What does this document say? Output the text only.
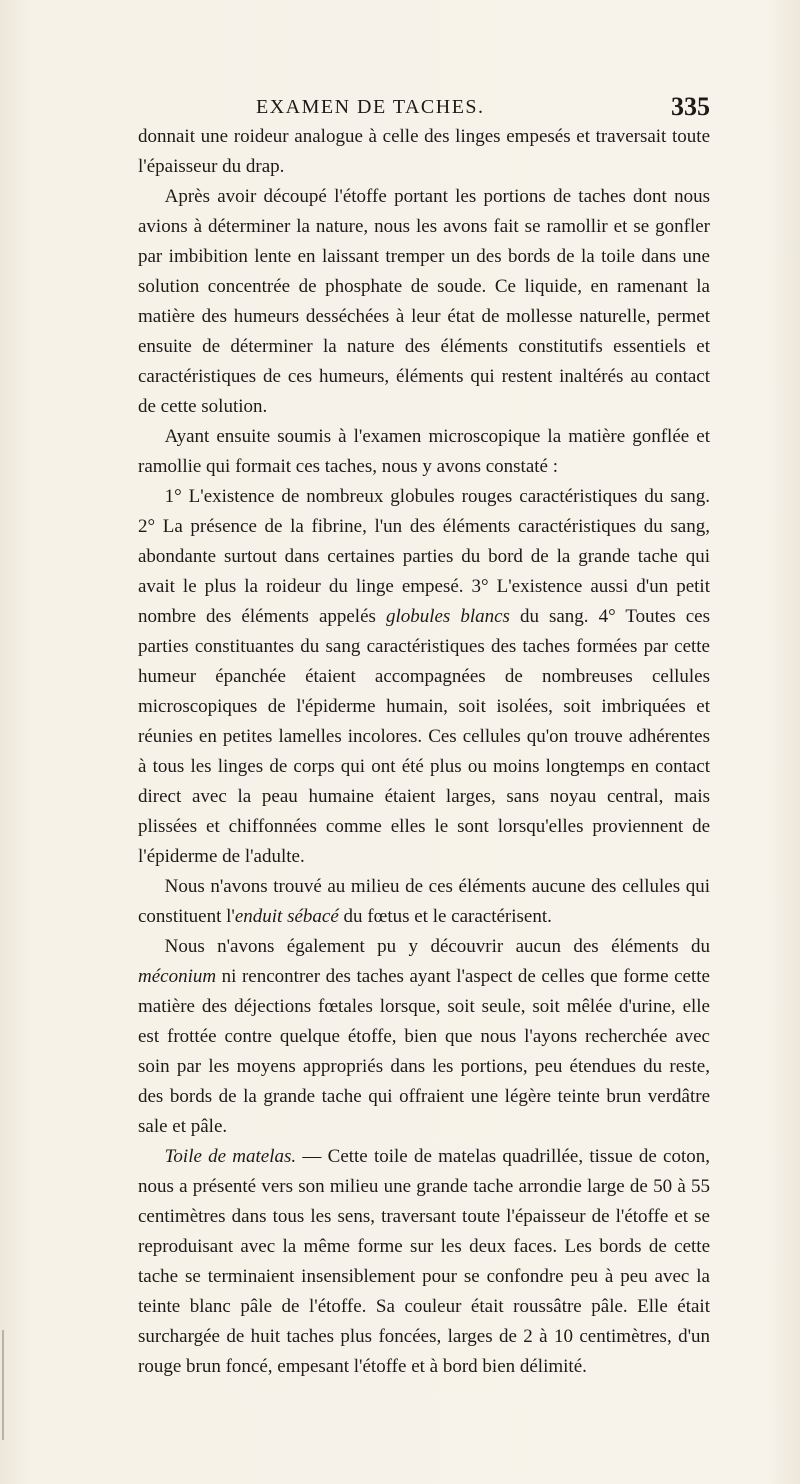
EXAMEN DE TACHES.	335

donnait une roideur analogue à celle des linges empesés et traversait toute l'épaisseur du drap.

Après avoir découpé l'étoffe portant les portions de taches dont nous avions à déterminer la nature, nous les avons fait se ramollir et se gonfler par imbibition lente en laissant tremper un des bords de la toile dans une solution concentrée de phosphate de soude. Ce liquide, en ramenant la matière des humeurs desséchées à leur état de mollesse naturelle, permet ensuite de déterminer la nature des éléments constitutifs essentiels et caractéristiques de ces humeurs, éléments qui restent inaltérés au contact de cette solution.

Ayant ensuite soumis à l'examen microscopique la matière gonflée et ramollie qui formait ces taches, nous y avons constaté :

1° L'existence de nombreux globules rouges caractéristiques du sang. 2° La présence de la fibrine, l'un des éléments caractéristiques du sang, abondante surtout dans certaines parties du bord de la grande tache qui avait le plus la roideur du linge empesé. 3° L'existence aussi d'un petit nombre des éléments appelés globules blancs du sang. 4° Toutes ces parties constituantes du sang caractéristiques des taches formées par cette humeur épanchée étaient accompagnées de nombreuses cellules microscopiques de l'épiderme humain, soit isolées, soit imbriquées et réunies en petites lamelles incolores. Ces cellules qu'on trouve adhérentes à tous les linges de corps qui ont été plus ou moins longtemps en contact direct avec la peau humaine étaient larges, sans noyau central, mais plissées et chiffonnées comme elles le sont lorsqu'elles proviennent de l'épiderme de l'adulte.

Nous n'avons trouvé au milieu de ces éléments aucune des cellules qui constituent l'enduit sébacé du fœtus et le caractérisent.

Nous n'avons également pu y découvrir aucun des éléments du méconium ni rencontrer des taches ayant l'aspect de celles que forme cette matière des déjections fœtales lorsque, soit seule, soit mêlée d'urine, elle est frottée contre quelque étoffe, bien que nous l'ayons recherchée avec soin par les moyens appropriés dans les portions, peu étendues du reste, des bords de la grande tache qui offraient une légère teinte brun verdâtre sale et pâle.

Toile de matelas. — Cette toile de matelas quadrillée, tissue de coton, nous a présenté vers son milieu une grande tache arrondie large de 50 à 55 centimètres dans tous les sens, traversant toute l'épaisseur de l'étoffe et se reproduisant avec la même forme sur les deux faces. Les bords de cette tache se terminaient insensiblement pour se confondre peu à peu avec la teinte blanc pâle de l'étoffe. Sa couleur était roussâtre pâle. Elle était surchargée de huit taches plus foncées, larges de 2 à 10 centimètres, d'un rouge brun foncé, empesant l'étoffe et à bord bien délimité.
